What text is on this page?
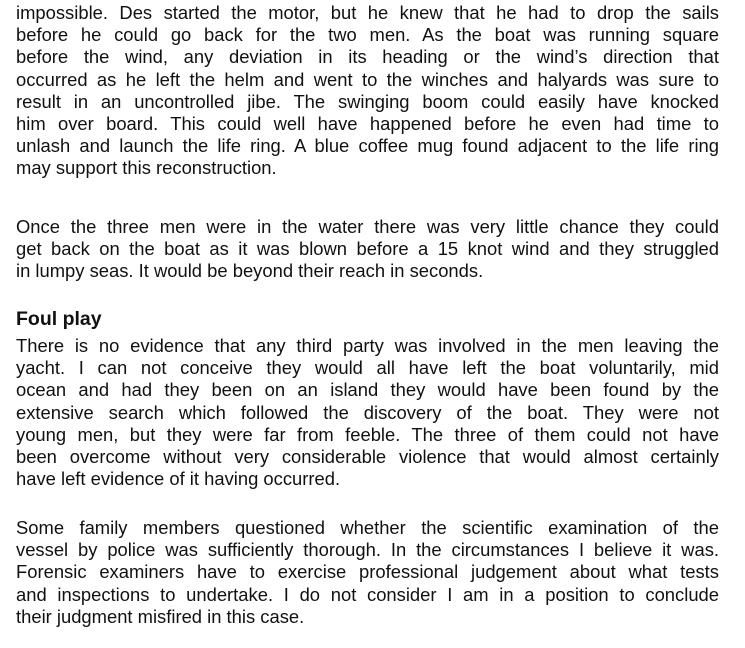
impossible. Des started the motor, but he knew that he had to drop the sails
before he could go back for the two men. As the boat was running square
before the wind, any deviation in its heading or the wind’s direction that
occurred as he left the helm and went to the winches and halyards was sure to
result in an uncontrolled jibe. The swinging boom could easily have knocked
him over board. This could well have happened before he even had time to
unlash and launch the life ring. A blue coffee mug found adjacent to the life ring
may support this reconstruction.
Once the three men were in the water there was very little chance they could
get back on the boat as it was blown before a 15 knot wind and they struggled
in lumpy seas. It would be beyond their reach in seconds.
Foul play
There is no evidence that any third party was involved in the men leaving the
yacht. I can not conceive they would all have left the boat voluntarily, mid
ocean and had they been on an island they would have been found by the
extensive search which followed the discovery of the boat. They were not
young men, but they were far from feeble. The three of them could not have
been overcome without very considerable violence that would almost certainly
have left evidence of it having occurred.
Some family members questioned whether the scientific examination of the
vessel by police was sufficiently thorough. In the circumstances I believe it was.
Forensic examiners have to exercise professional judgement about what tests
and inspections to undertake. I do not consider I am in a position to conclude
their judgment misfired in this case.
